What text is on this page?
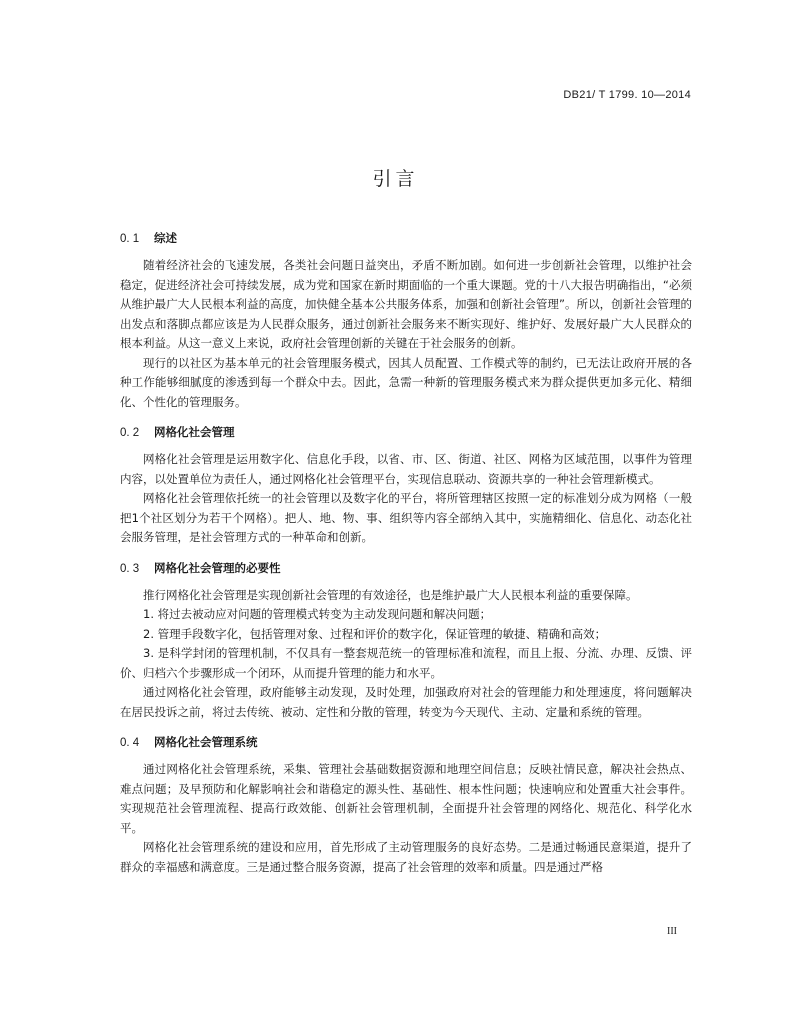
DB21/ T 1799. 10—2014
引言

0. 1 综述

随着经济社会的飞速发展，各类社会问题日益突出，矛盾不断加剧。如何进一步创新社会管理，以维护社会稳定，促进经济社会可持续发展，成为党和国家在新时期面临的一个重大课题。党的十八大报告明确指出，“必须从维护最广大人民根本利益的高度，加快健全基本公共服务体系，加强和创新社会管理”。所以，创新社会管理的出发点和落脚点都应该是为人民群众服务，通过创新社会服务来不断实现好、维护好、发展好最广大人民群众的根本利益。从这一意义上来说，政府社会管理创新的关键在于社会服务的创新。

现行的以社区为基本单元的社会管理服务模式，因其人员配置、工作模式等的制约，已无法让政府开展的各种工作能够细腻度的渗透到每一个群众中去。因此，急需一种新的管理服务模式来为群众提供更加多元化、精细化、个性化的管理服务。

0. 2 网格化社会管理

网格化社会管理是运用数字化、信息化手段，以省、市、区、街道、社区、网格为区域范围，以事件为管理内容，以处置单位为责任人，通过网格化社会管理平台，实现信息联动、资源共享的一种社会管理新模式。

网格化社会管理依托统一的社会管理以及数字化的平台，将所管理辖区按照一定的标准划分成为网格（一般把1个社区划分为若干个网格）。把人、地、物、事、组织等内容全部纳入其中，实施精细化、信息化、动态化社会服务管理，是社会管理方式的一种革命和创新。

0. 3 网格化社会管理的必要性

推行网格化社会管理是实现创新社会管理的有效途径，也是维护最广大人民根本利益的重要保障。

1. 将过去被动应对问题的管理模式转变为主动发现问题和解决问题；

2. 管理手段数字化，包括管理对象、过程和评价的数字化，保证管理的敏捷、精确和高效；

3. 是科学封闭的管理机制，不仅具有一整套规范统一的管理标准和流程，而且上报、分流、办理、反馈、评价、归档六个步骤形成一个闭环，从而提升管理的能力和水平。

通过网格化社会管理，政府能够主动发现，及时处理，加强政府对社会的管理能力和处理速度，将问题解决在居民投诉之前，将过去传统、被动、定性和分散的管理，转变为今天现代、主动、定量和系统的管理。

0. 4 网格化社会管理系统

通过网格化社会管理系统，采集、管理社会基础数据资源和地理空间信息；反映社情民意，解决社会热点、难点问题；及早预防和化解影响社会和谐稳定的源头性、基础性、根本性问题；快速响应和处置重大社会事件。实现规范社会管理流程、提高行政效能、创新社会管理机制，全面提升社会管理的网络化、规范化、科学化水平。

网格化社会管理系统的建设和应用，首先形成了主动管理服务的良好态势。二是通过畅通民意渠道，提升了群众的幸福感和满意度。三是通过整合服务资源，提高了社会管理的效率和质量。四是通过严格

III
